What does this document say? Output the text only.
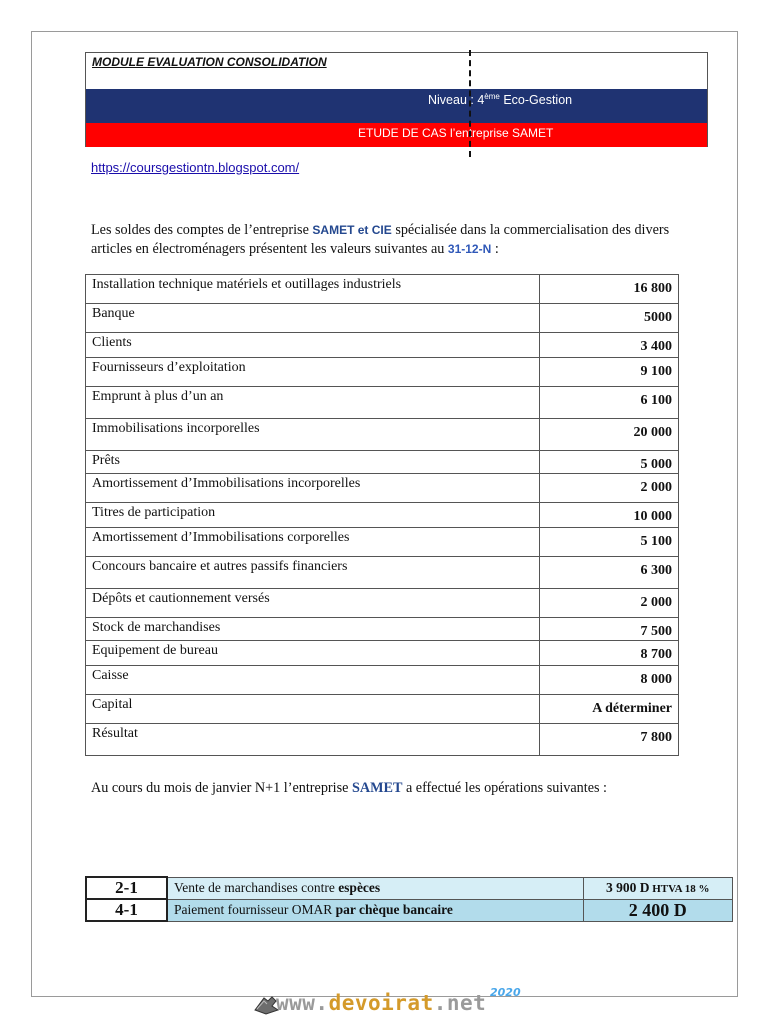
MODULE EVALUATION CONSOLIDATION
Niveau : 4ème Eco-Gestion
ETUDE DE CAS l’entreprise SAMET
https://coursgestiontn.blogspot.com/

Les soldes des comptes de l’entreprise SAMET et CIE spécialisée dans la commercialisation des divers articles en électroménagers présentent les valeurs suivantes au 31-12-N :

Installation technique matériels et outillages industriels	16 800
Banque	5000
Clients	3 400
Fournisseurs d’exploitation	9 100
Emprunt à plus d’un an	6 100
Immobilisations incorporelles	20 000
Prêts	5 000
Amortissement d’Immobilisations incorporelles	2 000
Titres de participation	10 000
Amortissement d’Immobilisations corporelles	5 100
Concours bancaire et autres passifs financiers	6 300
Dépôts et cautionnement versés	2 000
Stock de marchandises	7 500
Equipement de bureau	8 700
Caisse	8 000
Capital	A déterminer
Résultat	7 800

Au cours du mois de janvier N+1 l’entreprise SAMET a effectué les opérations suivantes :

2-1	Vente de marchandises contre espèces	3 900 D HTVA 18 %
4-1	Paiement fournisseur OMAR par chèque bancaire	2 400 D
www.devoirat.net 2020
